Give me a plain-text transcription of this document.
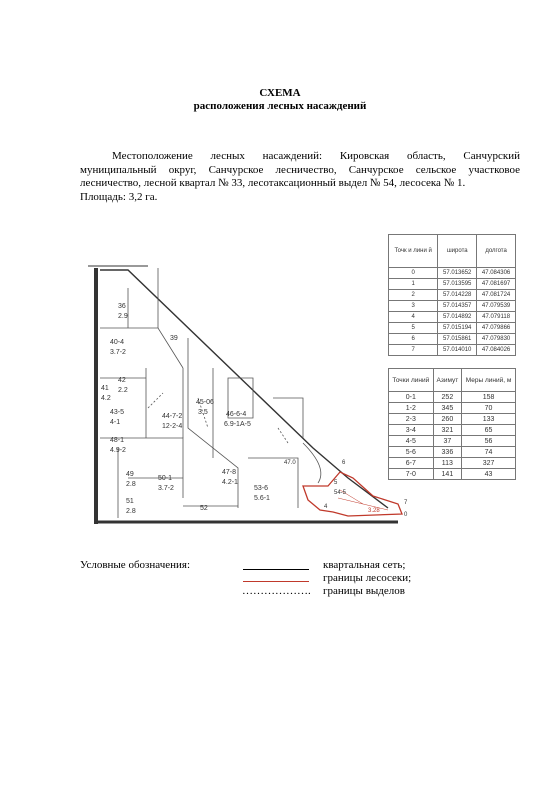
СХЕМА
расположения лесных насаждений
Местоположение лесных насаждений: Кировская область, Санчурский муниципальный округ, Санчурское лесничество, Санчурское сельское участковое лесничество, лесной квартал № 33, лесотаксационный выдел № 54, лесосека № 1.
Площадь: 3,2 га.
36
2.9
40-4
3.7-2
39
41
42
4.2
2.2
43-5
4-1
44-7-2
12-2-4
45-06
3.5	46-6-4
6.9-1A-5
48-1
4.9-2
47-8
4.2-1
49
2.8
50-1
3.7-2	53-6
5.6-1
51
2.8	52
54-5
3.28
6
7
0
5
4
47.0
Точк и лини й	широта	долгота
0	57.013652	47.084306
1	57.013595	47.081697
2	57.014228	47.081724
3	57.014357	47.079539
4	57.014892	47.079118
5	57.015194	47.079866
6	57.015861	47.079830
7	57.014010	47.084026
Точки линий	Азимут	Меры линий, м
0-1	252	158
1-2	345	70
2-3	260	133
3-4	321	65
4-5	37	56
5-6	336	74
6-7	113	327
7-0	141	43
Условные обозначения:	квартальная сеть;
границы лесосеки;
………………. границы выделов
